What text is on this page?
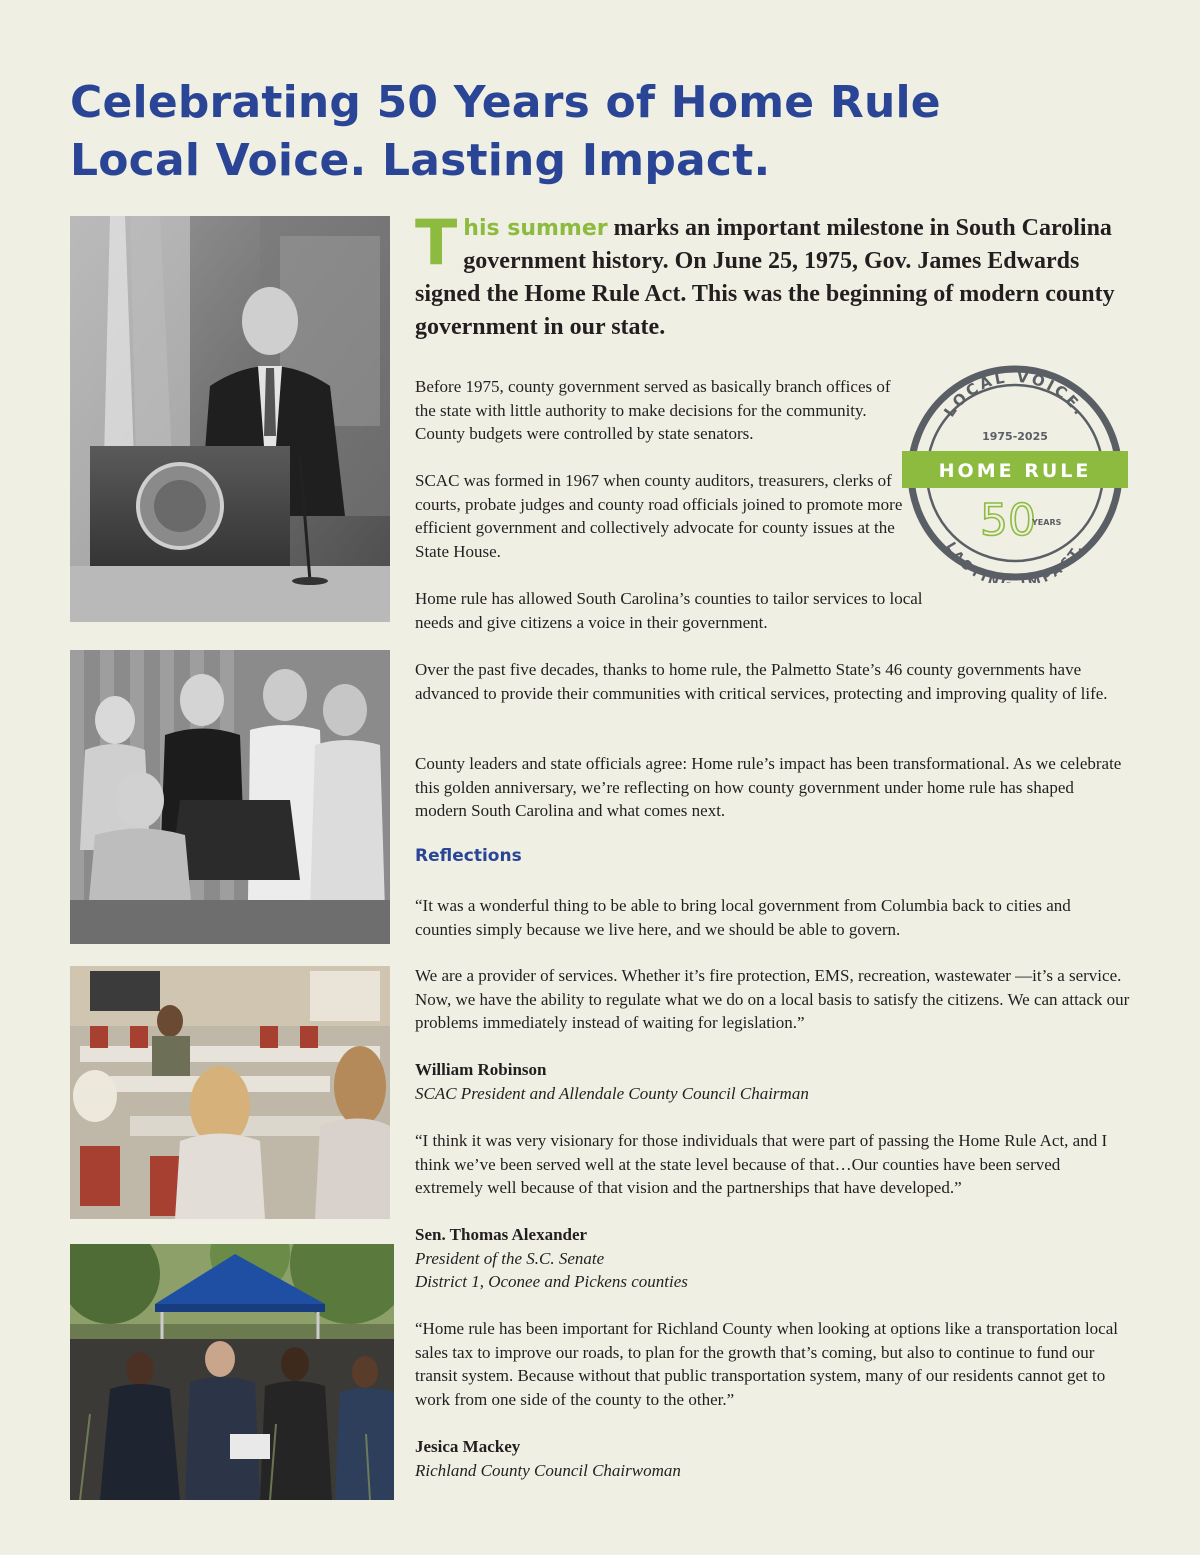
Celebrating 50 Years of Home Rule
Local Voice. Lasting Impact.
This summer marks an important milestone in South Carolina government history. On June 25, 1975, Gov. James Edwards signed the Home Rule Act. This was the beginning of modern county government in our state.
LOCAL VOICE.
1975-2025
HOME RULE
50
YEARS
LASTIN MPACT.

Before 1975, county government served as basically branch offices of the state with little authority to make decisions for the community. County budgets were controlled by state senators.

SCAC was formed in 1967 when county auditors, treasurers, clerks of courts, probate judges and county road officials joined to promote more efficient government and collectively advocate for county issues at the State House.

Home rule has allowed South Carolina’s counties to tailor services to local needs and give citizens a voice in their government.

Over the past five decades, thanks to home rule, the Palmetto State’s 46 county governments have advanced to provide their communities with critical services, protecting and improving quality of life.

County leaders and state officials agree: Home rule’s impact has been transformational. As we celebrate this golden anniversary, we’re reflecting on how county government under home rule has shaped modern South Carolina and what comes next.

Reflections

“It was a wonderful thing to be able to bring local government from Columbia back to cities and counties simply because we live here, and we should be able to govern.

We are a provider of services. Whether it’s fire protection, EMS, recreation, wastewater —it’s a service. Now, we have the ability to regulate what we do on a local basis to satisfy the citizens. We can attack our problems immediately instead of waiting for legislation.”

William Robinson
SCAC President and Allendale County Council Chairman

“I think it was very visionary for those individuals that were part of passing the Home Rule Act, and I think we’ve been served well at the state level because of that…Our counties have been served extremely well because of that vision and the partnerships that have developed.”

Sen. Thomas Alexander
President of the S.C. Senate
District 1, Oconee and Pickens counties

“Home rule has been important for Richland County when looking at options like a transportation local sales tax to improve our roads, to plan for the growth that’s coming, but also to continue to fund our transit system. Because without that public transportation system, many of our residents cannot get to work from one side of the county to the other.”

Jesica Mackey
Richland County Council Chairwoman
